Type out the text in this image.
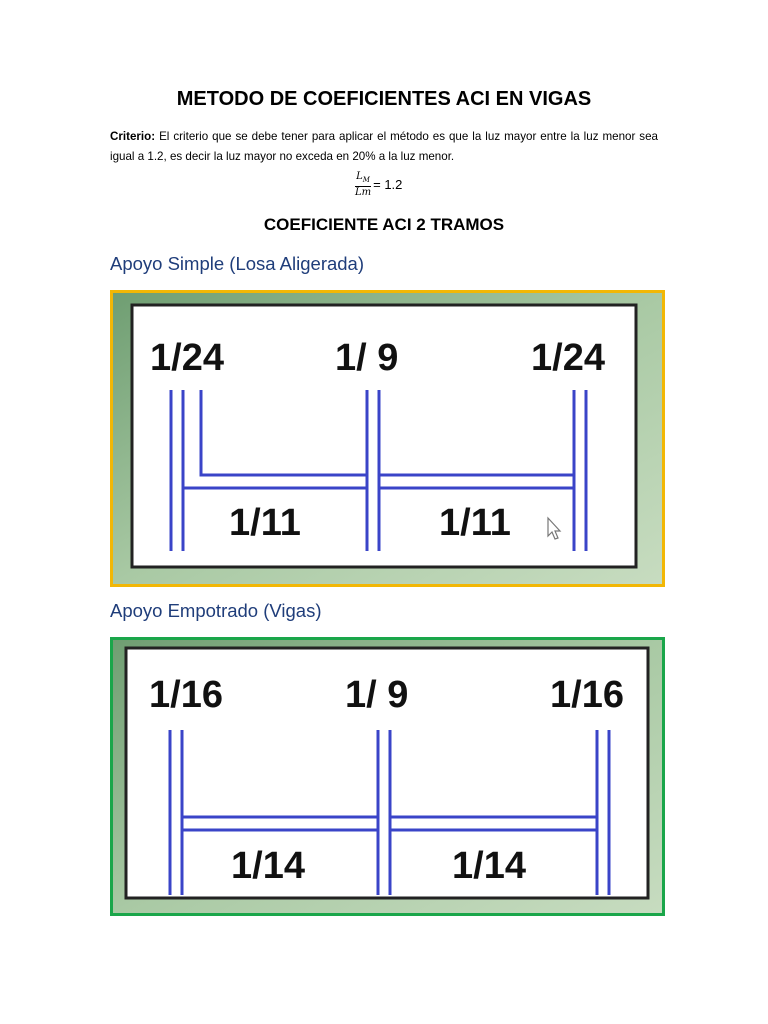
METODO DE COEFICIENTES ACI EN VIGAS
Criterio: El criterio que se debe tener para aplicar el método es que la luz mayor entre la luz menor sea igual a 1.2, es decir la luz mayor no exceda en 20% a la luz menor.
$\frac{L_M}{Lm} = 1.2$
COEFICIENTE ACI 2 TRAMOS
Apoyo Simple (Losa Aligerada)
1/24	1/ 9	1/24
1/11	1/11
Apoyo Empotrado (Vigas)
1/16	1/ 9	1/16
1/14	1/14
